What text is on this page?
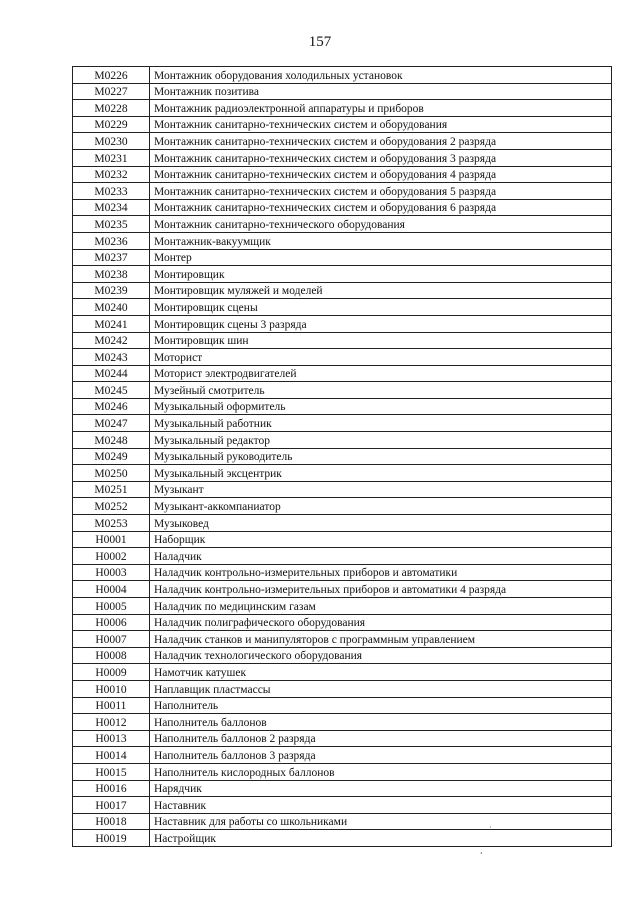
157
М0226	Монтажник оборудования холодильных установок
М0227	Монтажник позитива
М0228	Монтажник радиоэлектронной аппаратуры и приборов
М0229	Монтажник санитарно-технических систем и оборудования
М0230	Монтажник санитарно-технических систем и оборудования 2 разряда
М0231	Монтажник санитарно-технических систем и оборудования 3 разряда
М0232	Монтажник санитарно-технических систем и оборудования 4 разряда
М0233	Монтажник санитарно-технических систем и оборудования 5 разряда
М0234	Монтажник санитарно-технических систем и оборудования 6 разряда
М0235	Монтажник санитарно-технического оборудования
М0236	Монтажник-вакуумщик
М0237	Монтер
М0238	Монтировщик
М0239	Монтировщик муляжей и моделей
М0240	Монтировщик сцены
М0241	Монтировщик сцены 3 разряда
М0242	Монтировщик шин
М0243	Моторист
М0244	Моторист электродвигателей
М0245	Музейный смотритель
М0246	Музыкальный оформитель
М0247	Музыкальный работник
М0248	Музыкальный редактор
М0249	Музыкальный руководитель
М0250	Музыкальный эксцентрик
М0251	Музыкант
М0252	Музыкант-аккомпаниатор
М0253	Музыковед
Н0001	Наборщик
Н0002	Наладчик
Н0003	Наладчик контрольно-измерительных приборов и автоматики
Н0004	Наладчик контрольно-измерительных приборов и автоматики 4 разряда
Н0005	Наладчик по медицинским газам
Н0006	Наладчик полиграфического оборудования
Н0007	Наладчик станков и манипуляторов с программным управлением
Н0008	Наладчик технологического оборудования
Н0009	Намотчик катушек
Н0010	Наплавщик пластмассы
Н0011	Наполнитель
Н0012	Наполнитель баллонов
Н0013	Наполнитель баллонов 2 разряда
Н0014	Наполнитель баллонов 3 разряда
Н0015	Наполнитель кислородных баллонов
Н0016	Нарядчик
Н0017	Наставник
Н0018	Наставник для работы со школьниками
Н0019	Настройщик
·
,
